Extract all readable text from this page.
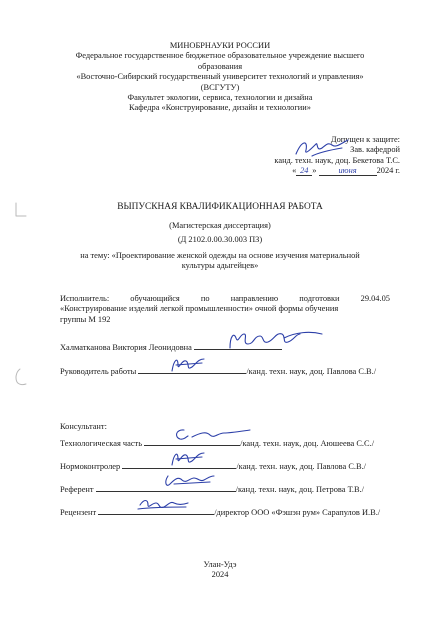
МИНОБРНАУКИ РОССИИ
Федеральное государственное бюджетное образовательное учреждение высшего
образования
«Восточно-Сибирский государственный университет технологий и управления»
(ВСГУТУ)
Факультет экологии, сервиса, технологии и дизайна
Кафедра «Конструирование, дизайн и технологии»
Допущен к защите:
Зав. кафедрой
канд. техн. наук, доц. Бекетова Т.С.
« 24 »	июня 2024 г.
ВЫПУСКНАЯ КВАЛИФИКАЦИОННАЯ РАБОТА
(Магистерская диссертация)
(Д 2102.0.00.30.003 ПЗ)
на тему: «Проектирование женской одежды на основе изучения материальной
культуры адыгейцев»
Исполнитель:	обучающийся	по	направлению	подготовки	29.04.05
«Конструирование изделий легкой промышленности» очной формы обучения
группы М 192
Халматканова Виктория Леонидовна
Руководитель работы	/канд. техн. наук, доц. Павлова С.В./
Консультант:
Технологическая часть	/канд. техн. наук, доц. Аюшеева С.С./
Нормоконтролер	/канд. техн. наук, доц. Павлова С.В./
Референт	/канд. техн. наук, доц. Петрова Т.В./
Рецензент	/директор ООО «Фэшэн рум» Сарапулов И.В./
Улан-Удэ
2024
